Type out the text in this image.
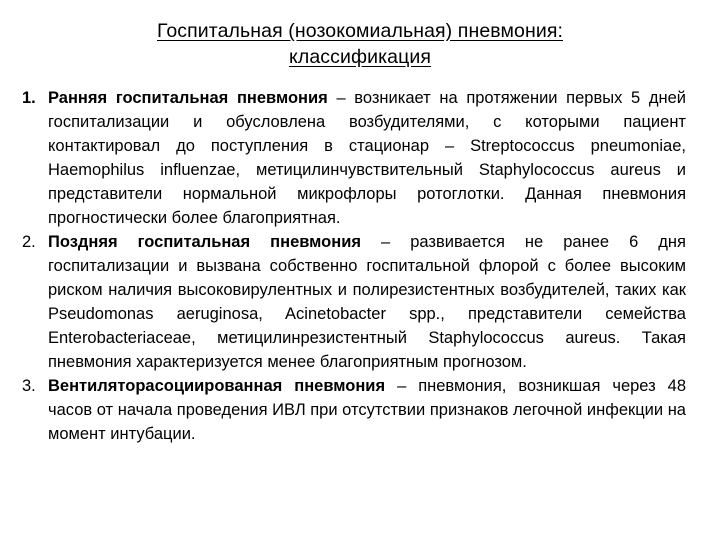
Госпитальная (нозокомиальная) пневмония:
классификация
1. Ранняя госпитальная пневмония – возникает на протяжении первых 5 дней госпитализации и обусловлена возбудителями, с которыми пациент контактировал до поступления в стационар – Streptococcus pneumoniae, Haemophilus influenzae, метицилинчувствительный Staphylococcus aureus и представители нормальной микрофлоры ротоглотки. Данная пневмония прогностически более благоприятная.
2. Поздняя госпитальная пневмония – развивается не ранее 6 дня госпитализации и вызвана собственно госпитальной флорой с более высоким риском наличия высоковирулентных и полирезистентных возбудителей, таких как Pseudomonas aeruginosa, Acinetobacter spp., представители семейства Enterobacteriaceae, метицилинрезистентный Staphylococcus aureus. Такая пневмония характеризуется менее благоприятным прогнозом.
3. Вентиляторасоциированная пневмония – пневмония, возникшая через 48 часов от начала проведения ИВЛ при отсутствии признаков легочной инфекции на момент интубации.
